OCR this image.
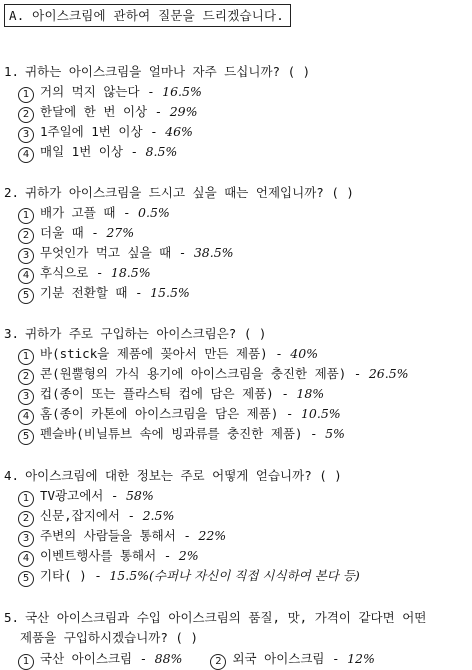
A. 아이스크림에 관하여 질문을 드리겠습니다.
1. 귀하는 아이스크림을 얼마나 자주 드십니까? ( )
1 거의 먹지 않는다 - 16.5%
2 한달에 한 번 이상 - 29%
3 1주일에 1번 이상 - 46%
4 매일 1번 이상 - 8.5%
2. 귀하가 아이스크림을 드시고 싶을 때는 언제입니까? ( )
1 배가 고플 때 - 0.5%
2 더울 때 - 27%
3 무엇인가 먹고 싶을 때 - 38.5%
4 후식으로 - 18.5%
5 기분 전환할 때 - 15.5%
3. 귀하가 주로 구입하는 아이스크림은? ( )
1 바(stick을 제품에 꽂아서 만든 제품) - 40%
2 콘(원뿔형의 가식 용기에 아이스크림을 충진한 제품) - 26.5%
3 컵(종이 또는 플라스틱 컵에 담은 제품) - 18%
4 홈(종이 카톤에 아이스크림을 담은 제품) - 10.5%
5 펜슬바(비닐튜브 속에 빙과류를 충진한 제품) - 5%
4. 아이스크림에 대한 정보는 주로 어떻게 얻습니까? ( )
1 TV광고에서 - 58%
2 신문,잡지에서 - 2.5%
3 주변의 사람들을 통해서 - 22%
4 이벤트행사를 통해서 - 2%
5 기타( ) - 15.5%(수퍼나 자신이 직접 시식하여 본다 등)
5. 국산 아이스크림과 수입 아이스크림의 품질, 맛, 가격이 같다면 어떤
제품을 구입하시겠습니까? ( )
1 국산 아이스크림 - 88%	2 외국 아이스크림 - 12%
